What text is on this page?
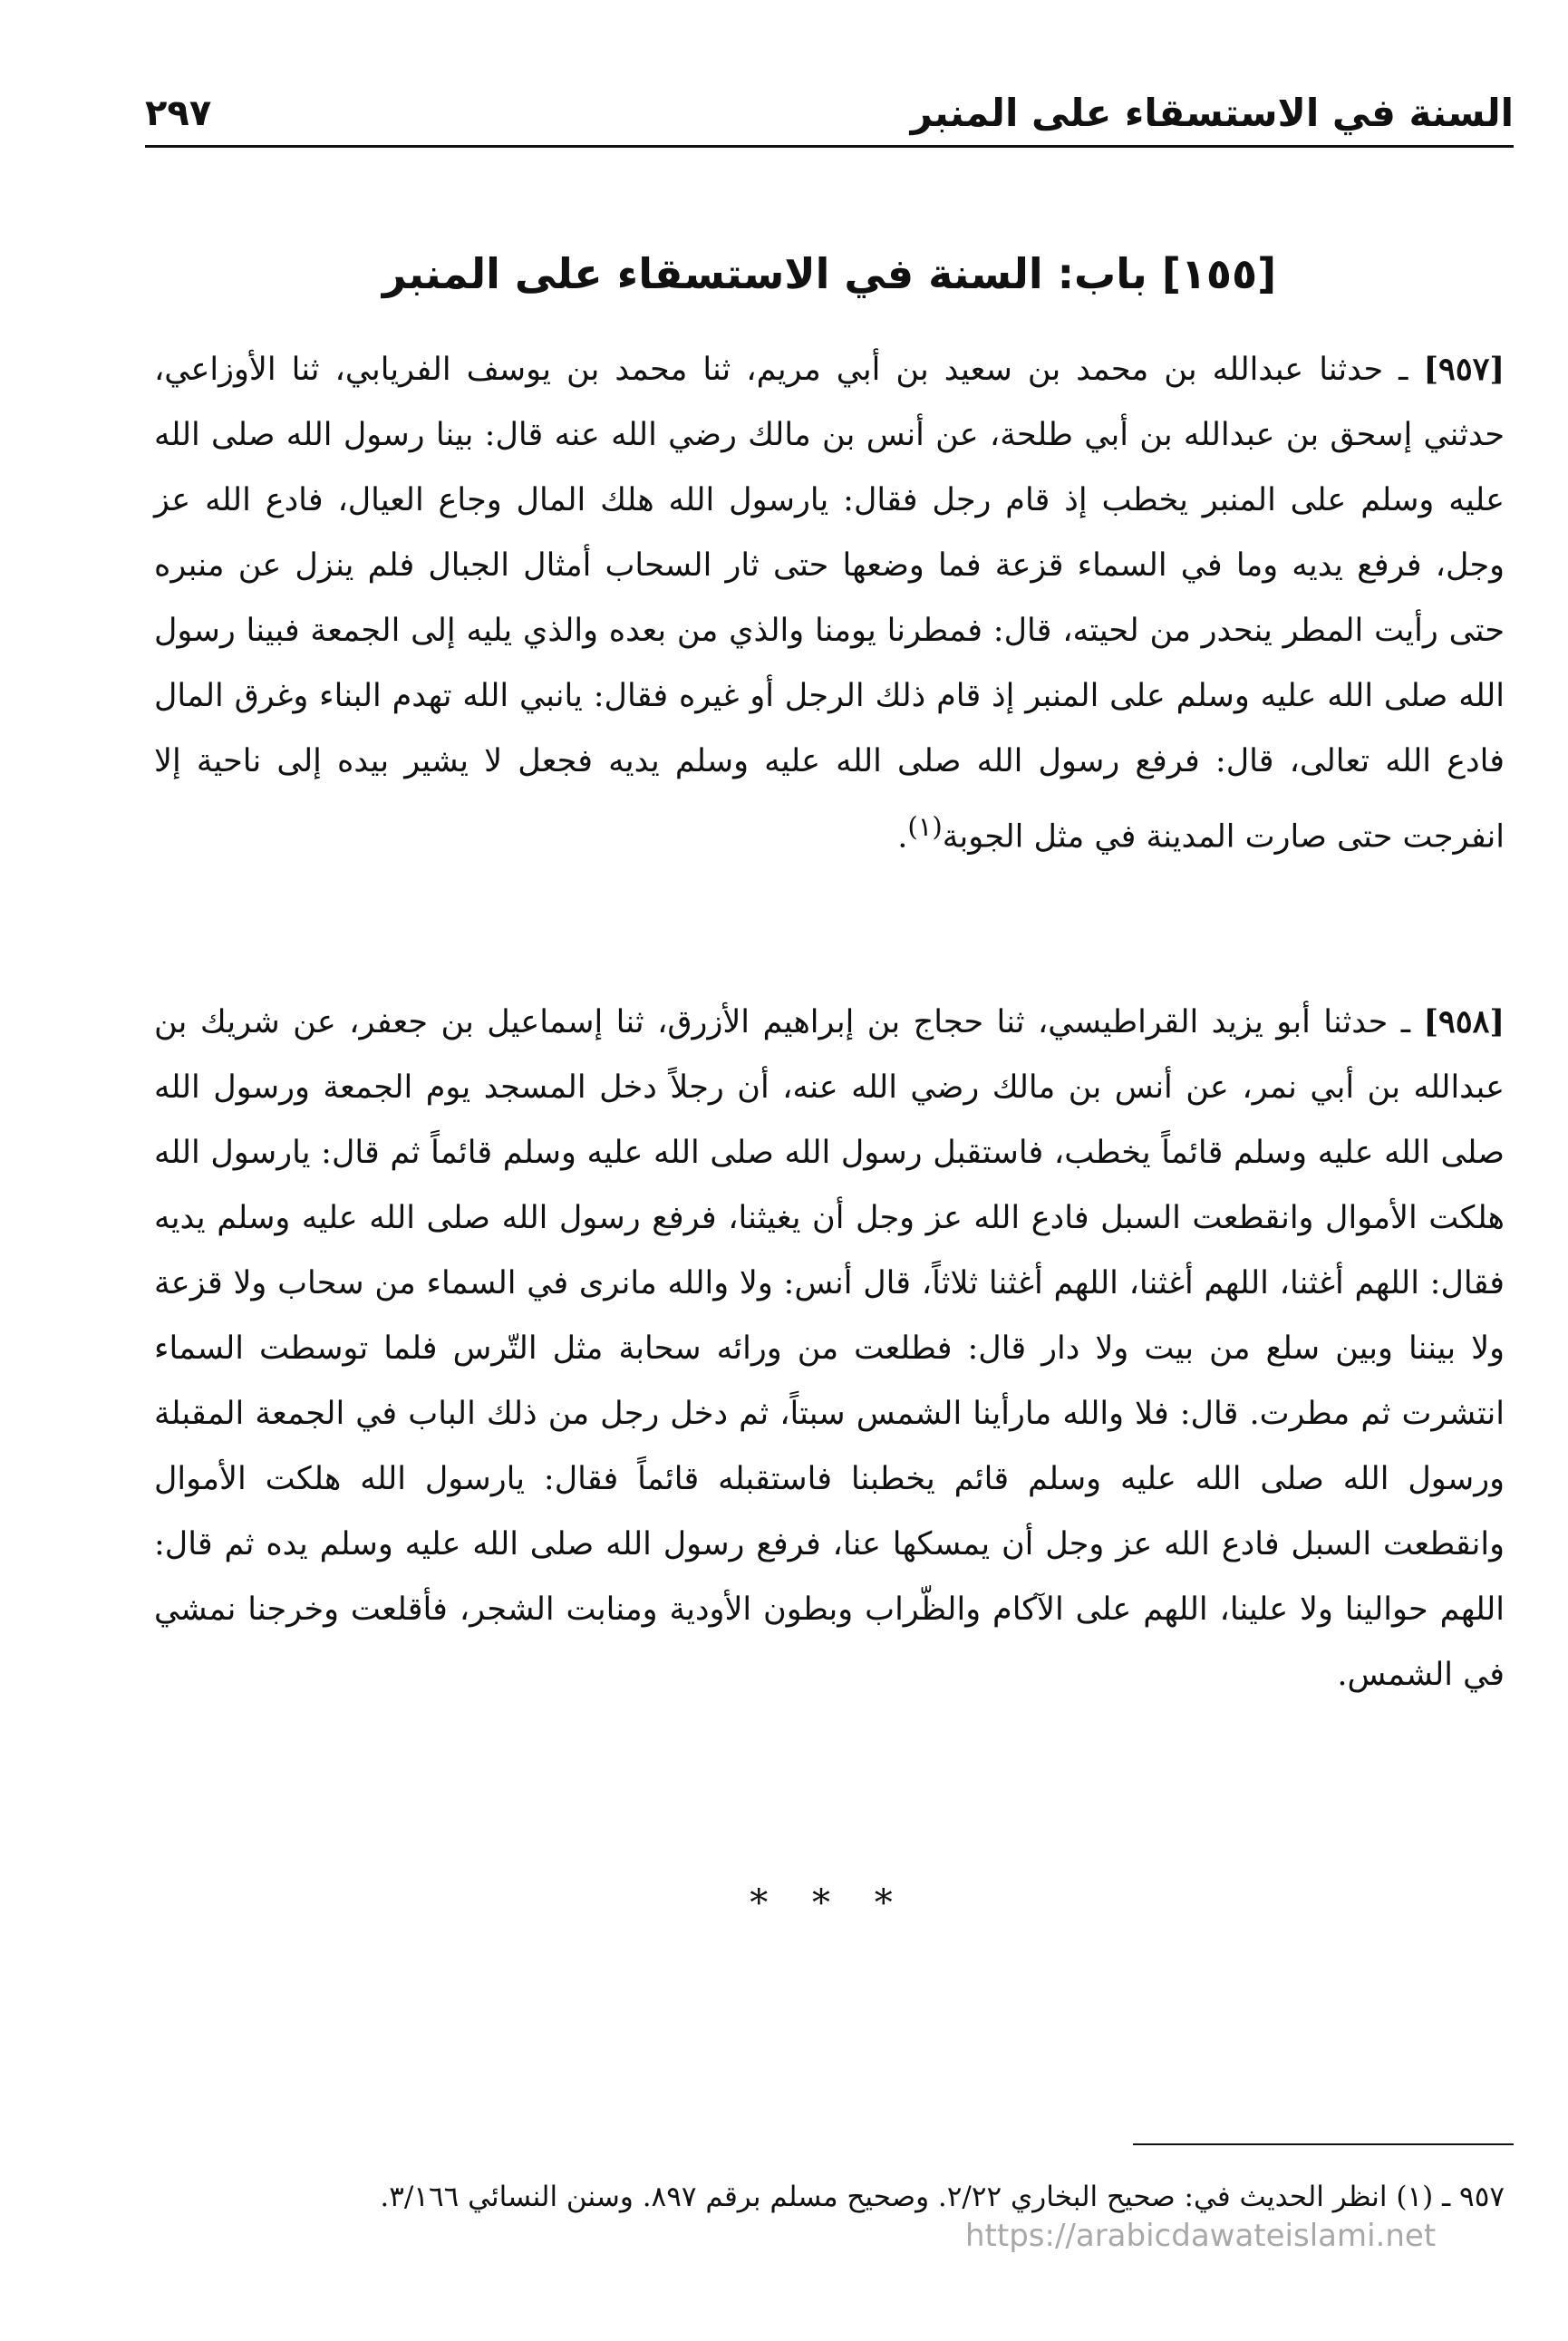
السنة في الاستسقاء على المنبر
٢٩٧
[١٥٥] باب: السنة في الاستسقاء على المنبر
[٩٥٧] ـ حدثنا عبدالله بن محمد بن سعيد بن أبي مريم، ثنا محمد بن يوسف الفريابي، ثنا الأوزاعي، حدثني إسحق بن عبدالله بن أبي طلحة، عن أنس بن مالك رضي الله عنه قال: بينا رسول الله صلى الله عليه وسلم على المنبر يخطب إذ قام رجل فقال: يارسول الله هلك المال وجاع العيال، فادع الله عز وجل، فرفع يديه وما في السماء قزعة فما وضعها حتى ثار السحاب أمثال الجبال فلم ينزل عن منبره حتى رأيت المطر ينحدر من لحيته، قال: فمطرنا يومنا والذي من بعده والذي يليه إلى الجمعة فبينا رسول الله صلى الله عليه وسلم على المنبر إذ قام ذلك الرجل أو غيره فقال: يانبي الله تهدم البناء وغرق المال فادع الله تعالى، قال: فرفع رسول الله صلى الله عليه وسلم يديه فجعل لا يشير بيده إلى ناحية إلا انفرجت حتى صارت المدينة في مثل الجوبة$^{(١)}$.
[٩٥٨] ـ حدثنا أبو يزيد القراطيسي، ثنا حجاج بن إبراهيم الأزرق، ثنا إسماعيل بن جعفر، عن شريك بن عبدالله بن أبي نمر، عن أنس بن مالك رضي الله عنه، أن رجلاً دخل المسجد يوم الجمعة ورسول الله صلى الله عليه وسلم قائماً يخطب، فاستقبل رسول الله صلى الله عليه وسلم قائماً ثم قال: يارسول الله هلكت الأموال وانقطعت السبل فادع الله عز وجل أن يغيثنا، فرفع رسول الله صلى الله عليه وسلم يديه فقال: اللهم أغثنا، اللهم أغثنا، اللهم أغثنا ثلاثاً، قال أنس: ولا والله مانرى في السماء من سحاب ولا قزعة ولا بيننا وبين سلع من بيت ولا دار قال: فطلعت من ورائه سحابة مثل التّرس فلما توسطت السماء انتشرت ثم مطرت. قال: فلا والله مارأينا الشمس سبتاً، ثم دخل رجل من ذلك الباب في الجمعة المقبلة ورسول الله صلى الله عليه وسلم قائم يخطبنا فاستقبله قائماً فقال: يارسول الله هلكت الأموال وانقطعت السبل فادع الله عز وجل أن يمسكها عنا، فرفع رسول الله صلى الله عليه وسلم يده ثم قال: اللهم حوالينا ولا علينا، اللهم على الآكام والظّراب وبطون الأودية ومنابت الشجر، فأقلعت وخرجنا نمشي في الشمس.
* * *
٩٥٧ ـ (١) انظر الحديث في: صحيح البخاري ٢/٢٢. وصحيح مسلم برقم ٨٩٧. وسنن النسائي ٣/١٦٦.
https://arabicdawateislami.net
